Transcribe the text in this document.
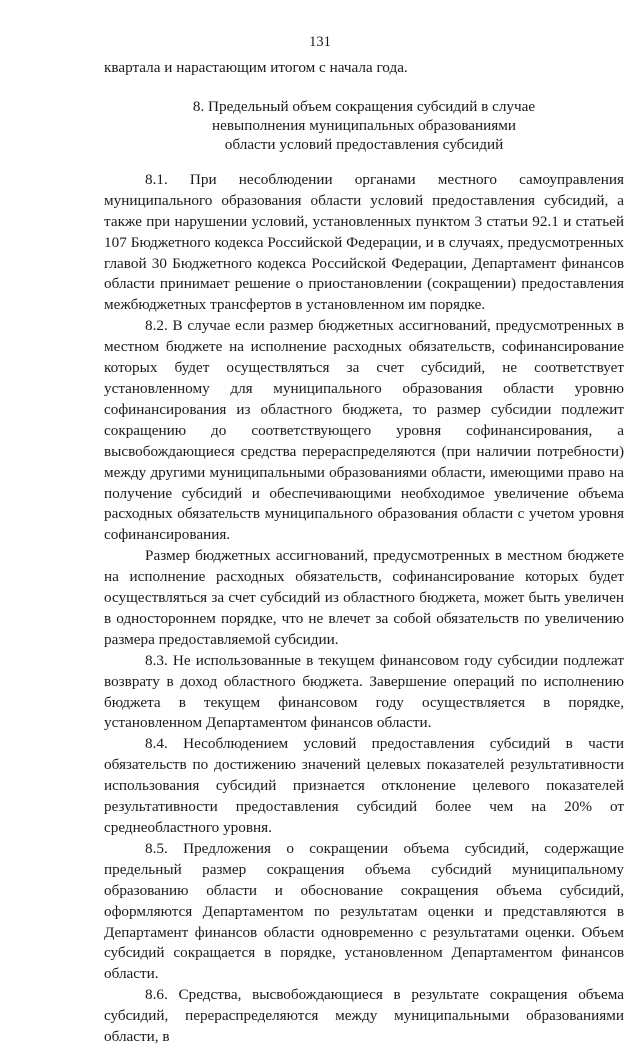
131

квартала и нарастающим итогом с начала года.

8. Предельный объем сокращения субсидий в случае
невыполнения муниципальных образованиями
области условий предоставления субсидий

8.1. При несоблюдении органами местного самоуправления муниципального образования области условий предоставления субсидий, а также при нарушении условий, установленных пунктом 3 статьи 92.1 и статьей 107 Бюджетного кодекса Российской Федерации, и в случаях, предусмотренных главой 30 Бюджетного кодекса Российской Федерации, Департамент финансов области принимает решение о приостановлении (сокращении) предоставления межбюджетных трансфертов в установленном им порядке.

8.2. В случае если размер бюджетных ассигнований, предусмотренных в местном бюджете на исполнение расходных обязательств, софинансирование которых будет осуществляться за счет субсидий, не соответствует установленному для муниципального образования области уровню софинансирования из областного бюджета, то размер субсидии подлежит сокращению до соответствующего уровня софинансирования, а высвобождающиеся средства перераспределяются (при наличии потребности) между другими муниципальными образованиями области, имеющими право на получение субсидий и обеспечивающими необходимое увеличение объема расходных обязательств муниципального образования области с учетом уровня софинансирования.

Размер бюджетных ассигнований, предусмотренных в местном бюджете на исполнение расходных обязательств, софинансирование которых будет осуществляться за счет субсидий из областного бюджета, может быть увеличен в одностороннем порядке, что не влечет за собой обязательств по увеличению размера предоставляемой субсидии.

8.3. Не использованные в текущем финансовом году субсидии подлежат возврату в доход областного бюджета. Завершение операций по исполнению бюджета в текущем финансовом году осуществляется в порядке, установленном Департаментом финансов области.

8.4. Несоблюдением условий предоставления субсидий в части обязательств по достижению значений целевых показателей результативности использования субсидий признается отклонение целевого показателей результативности предоставления субсидий более чем на 20% от среднеобластного уровня.

8.5. Предложения о сокращении объема субсидий, содержащие предельный размер сокращения объема субсидий муниципальному образованию области и обоснование сокращения объема субсидий, оформляются Департаментом по результатам оценки и представляются в Департамент финансов области одновременно с результатами оценки. Объем субсидий сокращается в порядке, установленном Департаментом финансов области.

8.6. Средства, высвобождающиеся в результате сокращения объема субсидий, перераспределяются между муниципальными образованиями области, в
